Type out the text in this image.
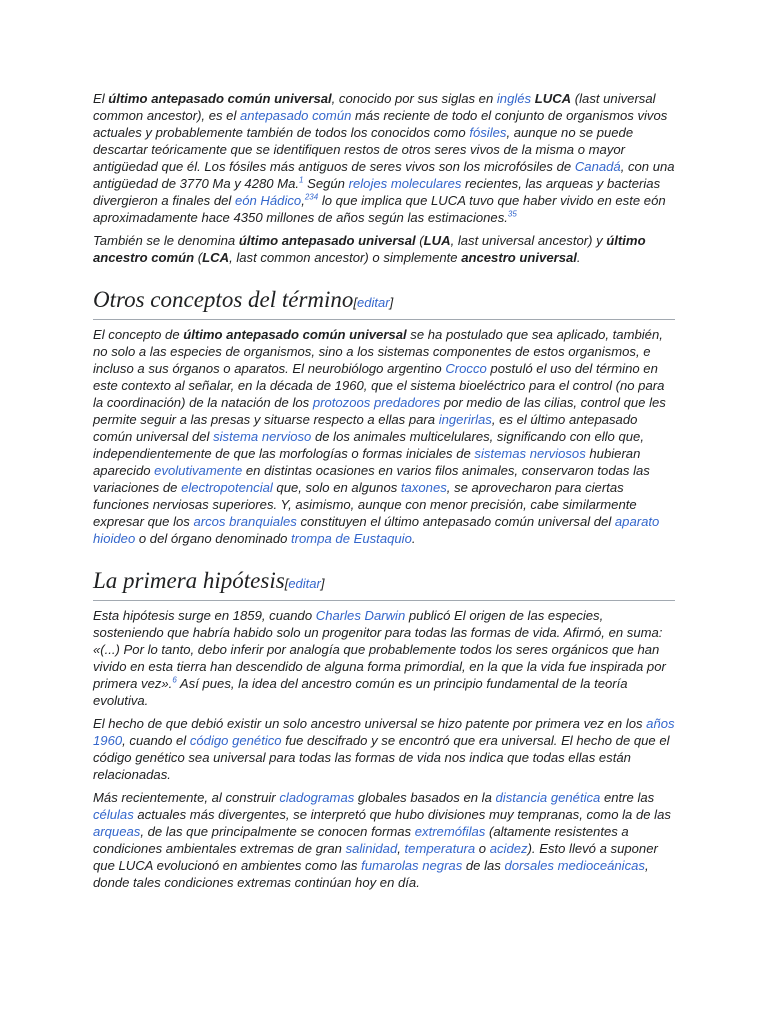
El último antepasado común universal, conocido por sus siglas en inglés LUCA (last universal common ancestor), es el antepasado común más reciente de todo el conjunto de organismos vivos actuales y probablemente también de todos los conocidos como fósiles, aunque no se puede descartar teóricamente que se identifiquen restos de otros seres vivos de la misma o mayor antigüedad que él. Los fósiles más antiguos de seres vivos son los microfósiles de Canadá, con una antigüedad de 3770 Ma y 4280 Ma.$^1$ Según relojes moleculares recientes, las arqueas y bacterias divergieron a finales del eón Hádico,$^{234}$ lo que implica que LUCA tuvo que haber vivido en este eón aproximadamente hace 4350 millones de años según las estimaciones.$^{35}$

También se le denomina último antepasado universal (LUA, last universal ancestor) y último ancestro común (LCA, last common ancestor) o simplemente ancestro universal.

Otros conceptos del término[editar]

El concepto de último antepasado común universal se ha postulado que sea aplicado, también, no solo a las especies de organismos, sino a los sistemas componentes de estos organismos, e incluso a sus órganos o aparatos. El neurobiólogo argentino Crocco postuló el uso del término en este contexto al señalar, en la década de 1960, que el sistema bioeléctrico para el control (no para la coordinación) de la natación de los protozoos predadores por medio de las cilias, control que les permite seguir a las presas y situarse respecto a ellas para ingerirlas, es el último antepasado común universal del sistema nervioso de los animales multicelulares, significando con ello que, independientemente de que las morfologías o formas iniciales de sistemas nerviosos hubieran aparecido evolutivamente en distintas ocasiones en varios filos animales, conservaron todas las variaciones de electropotencial que, solo en algunos taxones, se aprovecharon para ciertas funciones nerviosas superiores. Y, asimismo, aunque con menor precisión, cabe similarmente expresar que los arcos branquiales constituyen el último antepasado común universal del aparato hioideo o del órgano denominado trompa de Eustaquio.

La primera hipótesis[editar]

Esta hipótesis surge en 1859, cuando Charles Darwin publicó El origen de las especies, sosteniendo que habría habido solo un progenitor para todas las formas de vida. Afirmó, en suma: «(...) Por lo tanto, debo inferir por analogía que probablemente todos los seres orgánicos que han vivido en esta tierra han descendido de alguna forma primordial, en la que la vida fue inspirada por primera vez».$^6$ Así pues, la idea del ancestro común es un principio fundamental de la teoría evolutiva.

El hecho de que debió existir un solo ancestro universal se hizo patente por primera vez en los años 1960, cuando el código genético fue descifrado y se encontró que era universal. El hecho de que el código genético sea universal para todas las formas de vida nos indica que todas ellas están relacionadas.

Más recientemente, al construir cladogramas globales basados en la distancia genética entre las células actuales más divergentes, se interpretó que hubo divisiones muy tempranas, como la de las arqueas, de las que principalmente se conocen formas extremófilas (altamente resistentes a condiciones ambientales extremas de gran salinidad, temperatura o acidez). Esto llevó a suponer que LUCA evolucionó en ambientes como las fumarolas negras de las dorsales medioceánicas, donde tales condiciones extremas continúan hoy en día.
